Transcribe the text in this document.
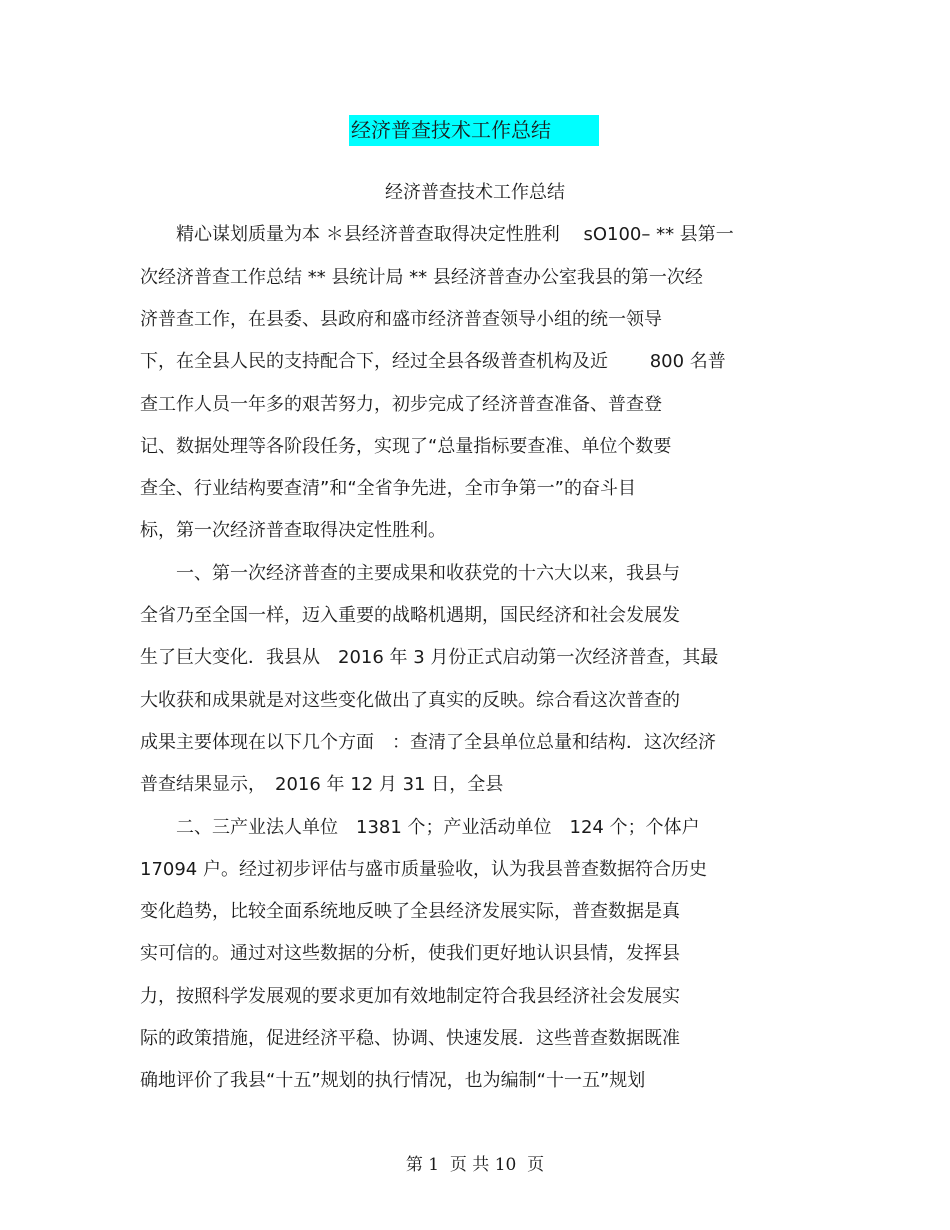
经济普查技术工作总结
经济普查技术工作总结
　　精心谋划质量为本 ＊县经济普查取得决定性胜利 　sO100– ** 县第一
次经济普查工作总结 ** 县统计局 ** 县经济普查办公室我县的第一次经
济普查工作，在县委、县政府和盛市经济普查领导小组的统一领导
下，在全县人民的支持配合下，经过全县各级普查机构及近 　　800 名普
查工作人员一年多的艰苦努力，初步完成了经济普查准备、普查登
记、数据处理等各阶段任务，实现了“总量指标要查准、单位个数要
查全、行业结构要查清”和“全省争先进，全市争第一”的奋斗目
标，第一次经济普查取得决定性胜利。
　　一、第一次经济普查的主要成果和收获党的十六大以来，我县与
全省乃至全国一样，迈入重要的战略机遇期，国民经济和社会发展发
生了巨大变化．我县从　2016 年 3 月份正式启动第一次经济普查，其最
大收获和成果就是对这些变化做出了真实的反映。综合看这次普查的
成果主要体现在以下几个方面　：查清了全县单位总量和结构．这次经济
普查结果显示，　2016 年 12 月 31 日，全县
　　二、三产业法人单位　1381 个；产业活动单位　124 个；个体户
17094 户。经过初步评估与盛市质量验收，认为我县普查数据符合历史
变化趋势，比较全面系统地反映了全县经济发展实际，普查数据是真
实可信的。通过对这些数据的分析，使我们更好地认识县情，发挥县
力，按照科学发展观的要求更加有效地制定符合我县经济社会发展实
际的政策措施，促进经济平稳、协调、快速发展．这些普查数据既准
确地评价了我县“十五”规划的执行情况，也为编制“十一五”规划
第 1  页 共 10  页
